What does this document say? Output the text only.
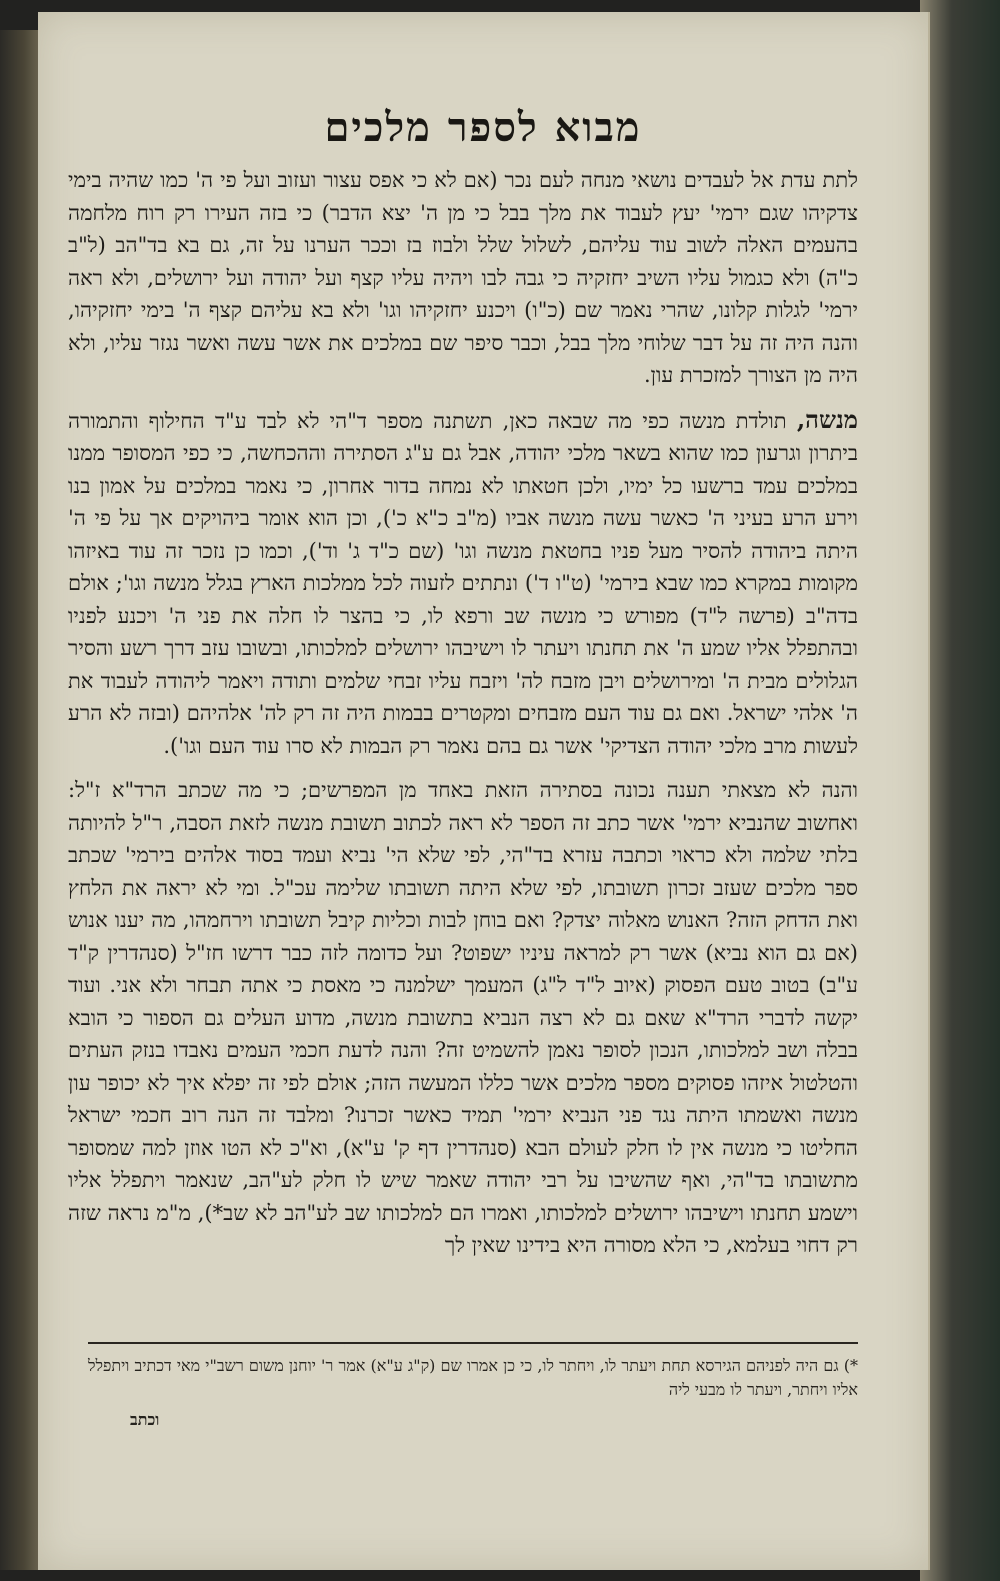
מבוא לספר מלכים

לתת עדת אל לעבדים נושאי מנחה לעם נכר (אם לא כי אפס עצור ועזוב ועל פי ה' כמו שהיה בימי צדקיהו שגם ירמי' יעץ לעבוד את מלך בבל כי מן ה' יצא הדבר) כי בזה העירו רק רוח מלחמה בהעמים האלה לשוב עוד עליהם, לשלול שלל ולבוז בז וככר הערנו על זה, גם בא בד"הב (ל"ב כ"ה) ולא כגמול עליו השיב יחזקיה כי גבה לבו ויהיה עליו קצף ועל יהודה ועל ירושלים, ולא ראה ירמי' לגלות קלונו, שהרי נאמר שם (כ"ו) ויכנע יחזקיהו וגו' ולא בא עליהם קצף ה' בימי יחזקיהו, והנה היה זה על דבר שלוחי מלך בבל, וכבר סיפר שם במלכים את אשר עשה ואשר נגזר עליו, ולא היה מן הצורך למזכרת עון.

מנשה, תולדת מנשה כפי מה שבאה כאן, תשתנה מספר ד"הי לא לבד ע"ד החילוף והתמורה ביתרון וגרעון כמו שהוא בשאר מלכי יהודה, אבל גם ע"ג הסתירה וההכחשה, כי כפי המסופר ממנו במלכים עמד ברשעו כל ימיו, ולכן חטאתו לא נמחה בדור אחרון, כי נאמר במלכים על אמון בנו וירע הרע בעיני ה' כאשר עשה מנשה אביו (מ"ב כ"א כ'), וכן הוא אומר ביהויקים אך על פי ה' היתה ביהודה להסיר מעל פניו בחטאת מנשה וגו' (שם כ"ד ג' וד'), וכמו כן נזכר זה עוד באיזהו מקומות במקרא כמו שבא בירמי' (ט"ו ד') ונתתים לזעוה לכל ממלכות הארץ בגלל מנשה וגו'; אולם בדה"ב (פרשה ל"ד) מפורש כי מנשה שב ורפא לו, כי בהצר לו חלה את פני ה' ויכנע לפניו ובהתפלל אליו שמע ה' את תחנתו ויעתר לו וישיבהו ירושלים למלכותו, ובשובו עזב דרך רשע והסיר הגלולים מבית ה' ומירושלים ויבן מזבח לה' ויזבח עליו זבחי שלמים ותודה ויאמר ליהודה לעבוד את ה' אלהי ישראל. ואם גם עוד העם מזבחים ומקטרים בבמות היה זה רק לה' אלהיהם (ובזה לא הרע לעשות מרב מלכי יהודה הצדיקי' אשר גם בהם נאמר רק הבמות לא סרו עוד העם וגו').

והנה לא מצאתי תענה נכונה בסתירה הזאת באחד מן המפרשים; כי מה שכתב הרד"א ז"ל: ואחשוב שהנביא ירמי' אשר כתב זה הספר לא ראה לכתוב תשובת מנשה לזאת הסבה, ר"ל להיותה בלתי שלמה ולא כראוי וכתבה עזרא בד"הי, לפי שלא הי' נביא ועמד בסוד אלהים בירמי' שכתב ספר מלכים שעזב זכרון תשובתו, לפי שלא היתה תשובתו שלימה עכ"ל. ומי לא יראה את הלחץ ואת הדחק הזה? האנוש מאלוה יצדק? ואם בוחן לבות וכליות קיבל תשובתו וירחמהו, מה יענו אנוש (אם גם הוא נביא) אשר רק למראה עיניו ישפוט? ועל כדומה לזה כבר דרשו חז"ל (סנהדרין ק"ד ע"ב) בטוב טעם הפסוק (איוב ל"ד ל"ג) המעמך ישלמנה כי מאסת כי אתה תבחר ולא אני. ועוד יקשה לדברי הרד"א שאם גם לא רצה הנביא בתשובת מנשה, מדוע העלים גם הספור כי הובא בבלה ושב למלכותו, הנכון לסופר נאמן להשמיט זה? והנה לדעת חכמי העמים נאבדו בנזק העתים והטלטול איזהו פסוקים מספר מלכים אשר כללו המעשה הזה; אולם לפי זה יפלא איך לא יכופר עון מנשה ואשמתו היתה נגד פני הנביא ירמי' תמיד כאשר זכרנו? ומלבד זה הנה רוב חכמי ישראל החליטו כי מנשה אין לו חלק לעולם הבא (סנהדרין דף ק' ע"א), וא"כ לא הטו אוזן למה שמסופר מתשובתו בד"הי, ואף שהשיבו על רבי יהודה שאמר שיש לו חלק לע"הב, שנאמר ויתפלל אליו וישמע תחנתו וישיבהו ירושלים למלכותו, ואמרו הם למלכותו שב לע"הב לא שב*), מ"מ נראה שזה רק דחוי בעלמא, כי הלא מסורה היא בידינו שאין לך

*) גם היה לפניהם הגירסא תחת ויעתר לו, ויחתר לו, כי כן אמרו שם (ק"ג ע"א) אמר ר' יוחנן משום רשב"י מאי דכתיב ויתפלל אליו ויחתר, ויעתר לו מבעי ליה
וכתב
